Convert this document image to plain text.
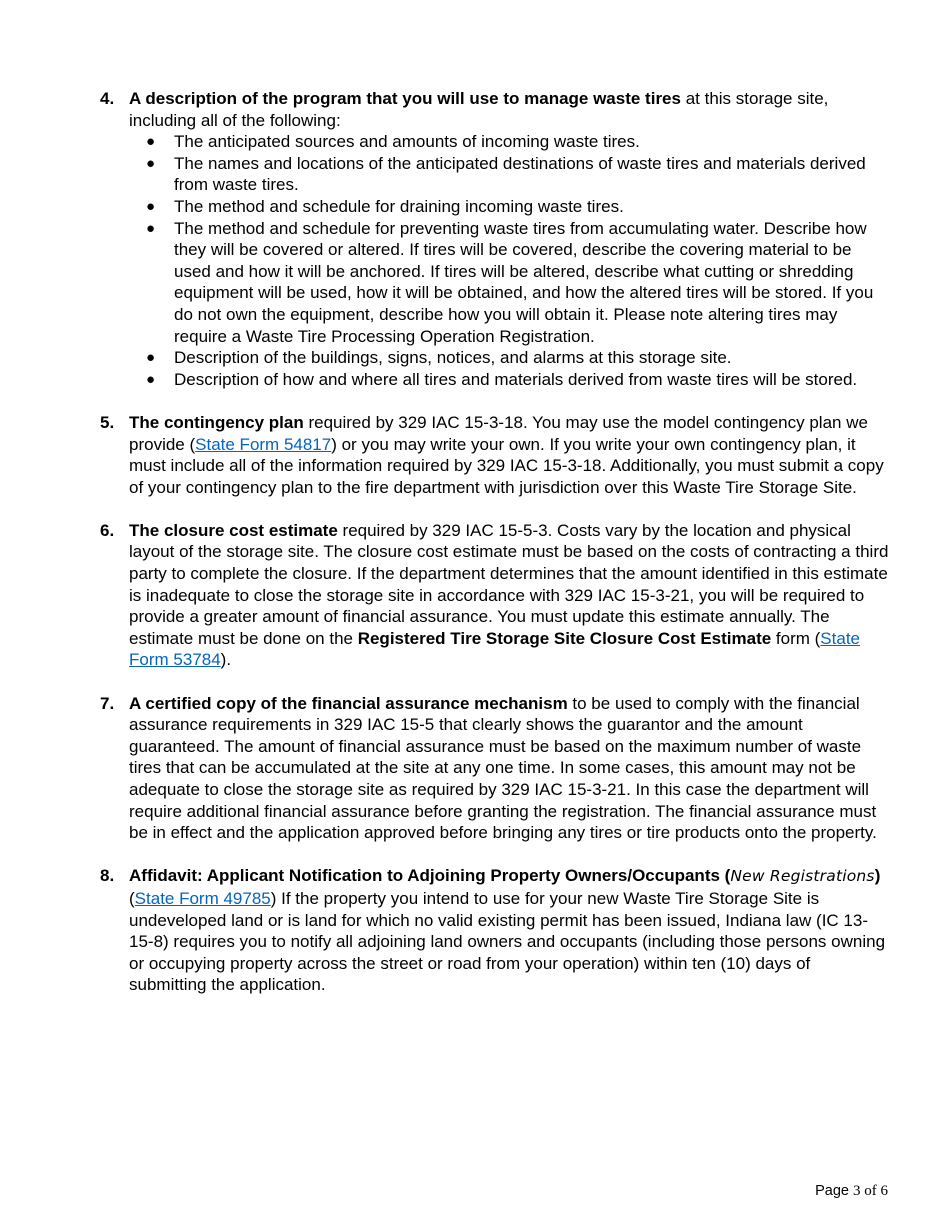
4. A description of the program that you will use to manage waste tires at this storage site, including all of the following:
● The anticipated sources and amounts of incoming waste tires.
● The names and locations of the anticipated destinations of waste tires and materials derived from waste tires.
● The method and schedule for draining incoming waste tires.
● The method and schedule for preventing waste tires from accumulating water. Describe how they will be covered or altered. If tires will be covered, describe the covering material to be used and how it will be anchored. If tires will be altered, describe what cutting or shredding equipment will be used, how it will be obtained, and how the altered tires will be stored. If you do not own the equipment, describe how you will obtain it. Please note altering tires may require a Waste Tire Processing Operation Registration.
● Description of the buildings, signs, notices, and alarms at this storage site.
● Description of how and where all tires and materials derived from waste tires will be stored.
5. The contingency plan required by 329 IAC 15-3-18. You may use the model contingency plan we provide (State Form 54817) or you may write your own. If you write your own contingency plan, it must include all of the information required by 329 IAC 15-3-18. Additionally, you must submit a copy of your contingency plan to the fire department with jurisdiction over this Waste Tire Storage Site.
6. The closure cost estimate required by 329 IAC 15-5-3. Costs vary by the location and physical layout of the storage site. The closure cost estimate must be based on the costs of contracting a third party to complete the closure. If the department determines that the amount identified in this estimate is inadequate to close the storage site in accordance with 329 IAC 15-3-21, you will be required to provide a greater amount of financial assurance. You must update this estimate annually. The estimate must be done on the Registered Tire Storage Site Closure Cost Estimate form (State Form 53784).
7. A certified copy of the financial assurance mechanism to be used to comply with the financial assurance requirements in 329 IAC 15-5 that clearly shows the guarantor and the amount guaranteed. The amount of financial assurance must be based on the maximum number of waste tires that can be accumulated at the site at any one time. In some cases, this amount may not be adequate to close the storage site as required by 329 IAC 15-3-21. In this case the department will require additional financial assurance before granting the registration. The financial assurance must be in effect and the application approved before bringing any tires or tire products onto the property.
8. Affidavit: Applicant Notification to Adjoining Property Owners/Occupants (New Registrations) (State Form 49785) If the property you intend to use for your new Waste Tire Storage Site is undeveloped land or is land for which no valid existing permit has been issued, Indiana law (IC 13-15-8) requires you to notify all adjoining land owners and occupants (including those persons owning or occupying property across the street or road from your operation) within ten (10) days of submitting the application.
Page 3 of 6
